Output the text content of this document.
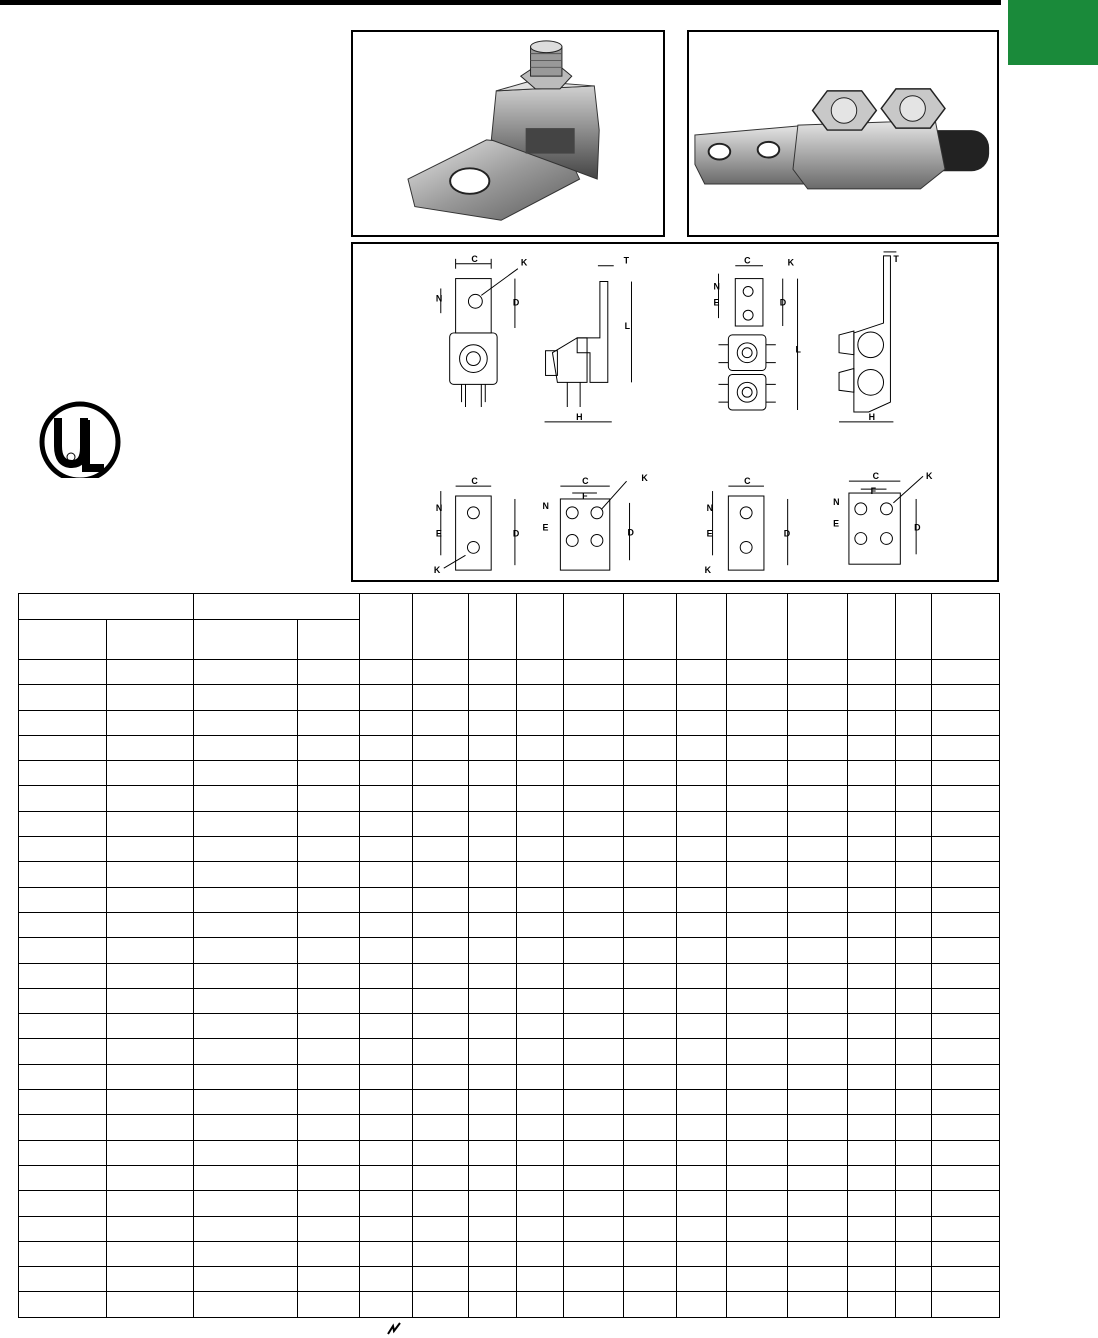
C	K
N	D
T
L
H
C	K
N
E	D
L
T
H
C
N
E	D
K
C
F
N
E	D
K	C
N
E	D
K
C
F
N
E	D
K
